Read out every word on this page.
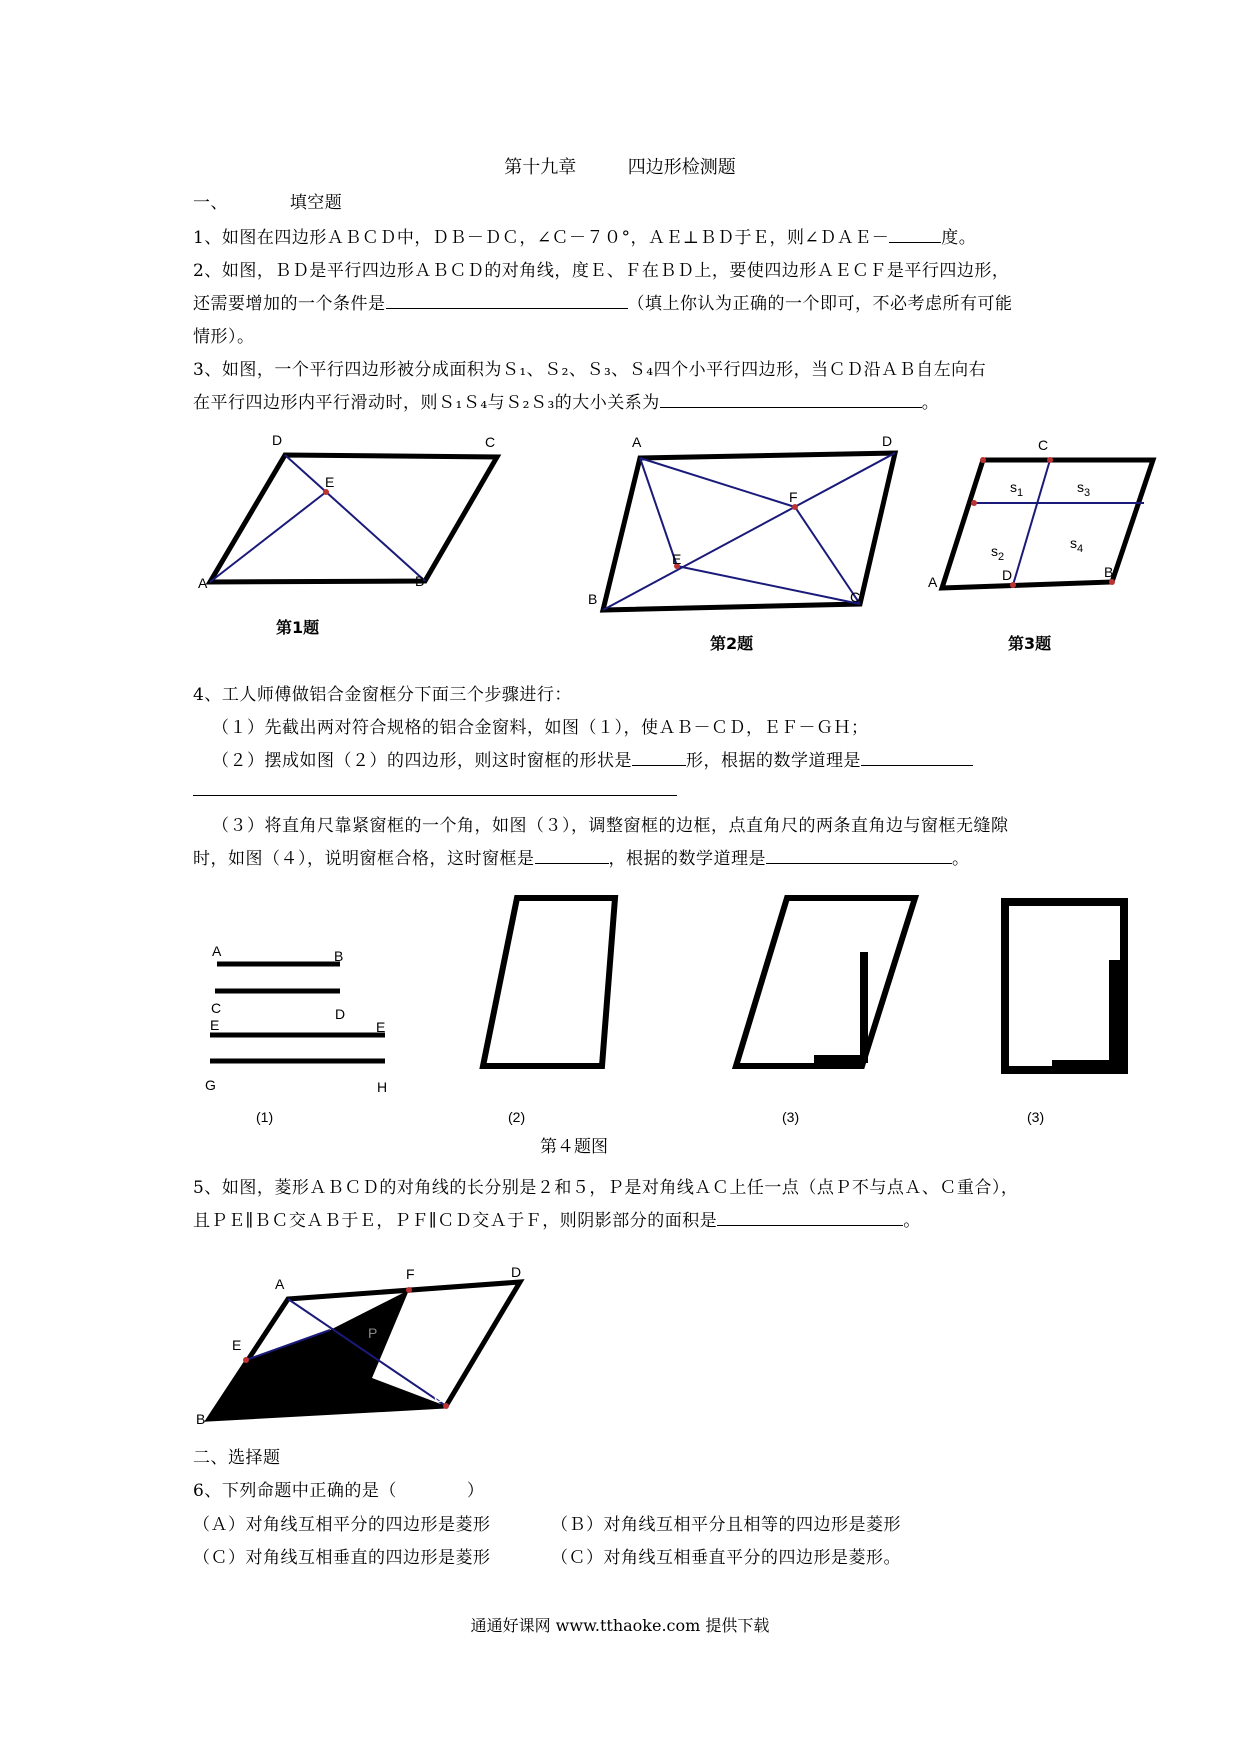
第十九章	四边形检测题
一、	填空题
1、如图在四边形ＡＢＣＤ中，ＤＢ－ＤＣ，∠Ｃ－７０°，ＡＥ⊥ＢＤ于Ｅ，则∠ＤＡＥ－	度。
2、如图，ＢＤ是平行四边形ＡＢＣＤ的对角线，度Ｅ、Ｆ在ＢＤ上，要使四边形ＡＥＣＦ是平行四边形，
还需要增加的一个条件是	（填上你认为正确的一个即可，不必考虑所有可能
情形）。
3、如图，一个平行四边形被分成面积为Ｓ₁、Ｓ₂、Ｓ₃、Ｓ₄四个小平行四边形，当ＣＤ沿ＡＢ自左向右
在平行四边形内平行滑动时，则Ｓ₁Ｓ₄与Ｓ₂Ｓ₃的大小关系为	。
D	C
E
A	B
A	D
F
E
B	C
C
$s_1$	$s_3$
$s_2$
$s_4$
A	D	B
第1题
第2题	第3题
4、工人师傅做铝合金窗框分下面三个步骤进行：
（１）先截出两对符合规格的铝合金窗料，如图（１），使ＡＢ－ＣＤ，ＥＦ－ＧＨ；
（２）摆成如图（２）的四边形，则这时窗框的形状是	形，根据的数学道理是
（３）将直角尺靠紧窗框的一个角，如图（３），调整窗框的边框，点直角尺的两条直角边与窗框无缝隙
时，如图（４），说明窗框合格，这时窗框是	，根据的数学道理是	。
A	B
C	D
E	E
G	H
(1)	(2)	(3)	(3)
第４题图
5、如图，菱形ＡＢＣＤ的对角线的长分别是２和５，Ｐ是对角线ＡＣ上任一点（点Ｐ不与点Ａ、Ｃ重合），
且ＰＥ∥ＢＣ交ＡＢ于Ｅ，ＰＦ∥ＣＤ交Ａ于Ｆ，则阴影部分的面积是	。
A
F	D
E
P
B
C
二、选择题
6、下列命题中正确的是（　　　　）
（Ａ）对角线互相平分的四边形是菱形	（Ｂ）对角线互相平分且相等的四边形是菱形
（Ｃ）对角线互相垂直的四边形是菱形	（Ｃ）对角线互相垂直平分的四边形是菱形。
通通好课网 www.tthaoke.com 提供下载
